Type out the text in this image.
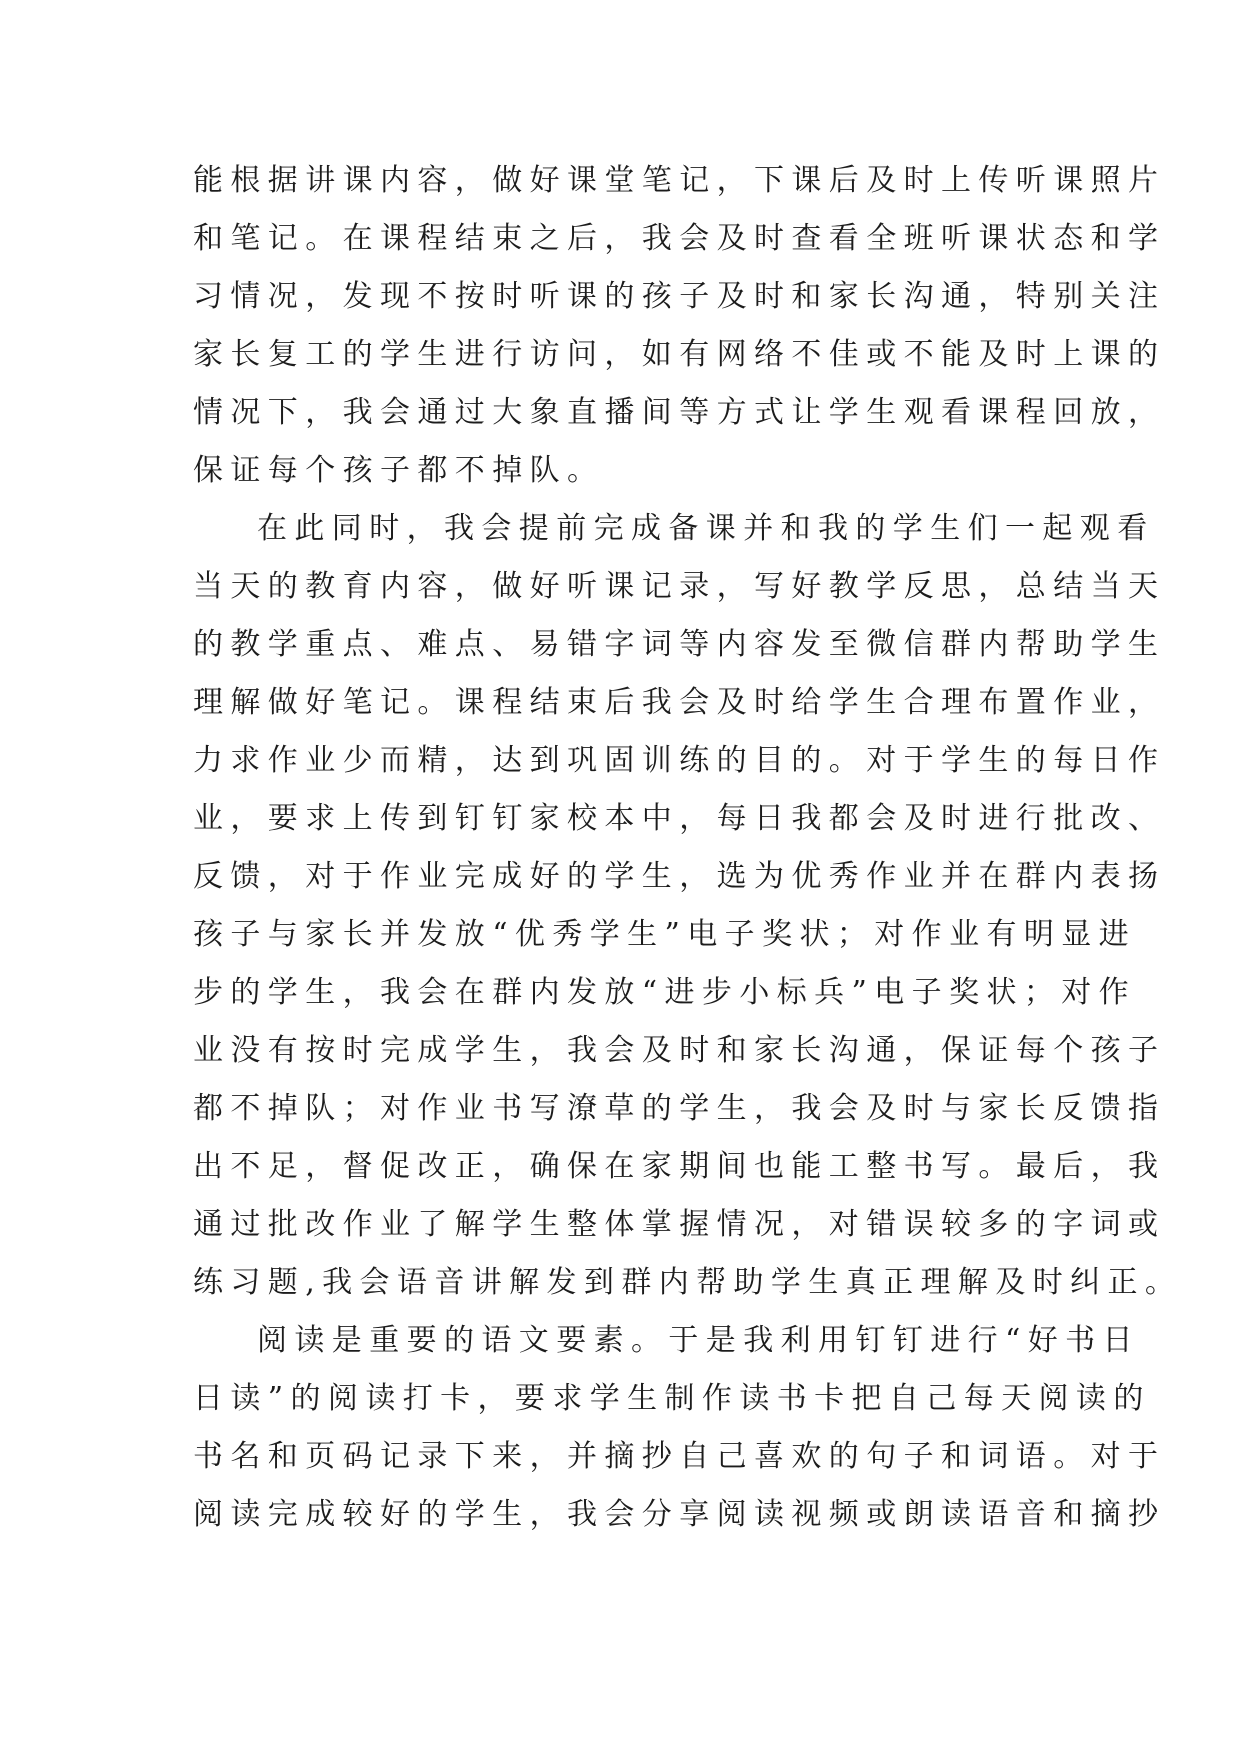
能根据讲课内容，做好课堂笔记，下课后及时上传听课照片
和笔记。在课程结束之后，我会及时查看全班听课状态和学
习情况，发现不按时听课的孩子及时和家长沟通，特别关注
家长复工的学生进行访问，如有网络不佳或不能及时上课的
情况下，我会通过大象直播间等方式让学生观看课程回放，
保证每个孩子都不掉队。
在此同时，我会提前完成备课并和我的学生们一起观看
当天的教育内容，做好听课记录，写好教学反思，总结当天
的教学重点、难点、易错字词等内容发至微信群内帮助学生
理解做好笔记。课程结束后我会及时给学生合理布置作业，
力求作业少而精，达到巩固训练的目的。对于学生的每日作
业，要求上传到钉钉家校本中，每日我都会及时进行批改、
反馈，对于作业完成好的学生，选为优秀作业并在群内表扬
孩子与家长并发放“优秀学生”电子奖状；对作业有明显进
步的学生，我会在群内发放“进步小标兵”电子奖状；对作
业没有按时完成学生，我会及时和家长沟通，保证每个孩子
都不掉队；对作业书写潦草的学生，我会及时与家长反馈指
出不足，督促改正，确保在家期间也能工整书写。最后，我
通过批改作业了解学生整体掌握情况，对错误较多的字词或
练习题,我会语音讲解发到群内帮助学生真正理解及时纠正。
阅读是重要的语文要素。于是我利用钉钉进行“好书日
日读”的阅读打卡，要求学生制作读书卡把自己每天阅读的
书名和页码记录下来，并摘抄自己喜欢的句子和词语。对于
阅读完成较好的学生，我会分享阅读视频或朗读语音和摘抄
